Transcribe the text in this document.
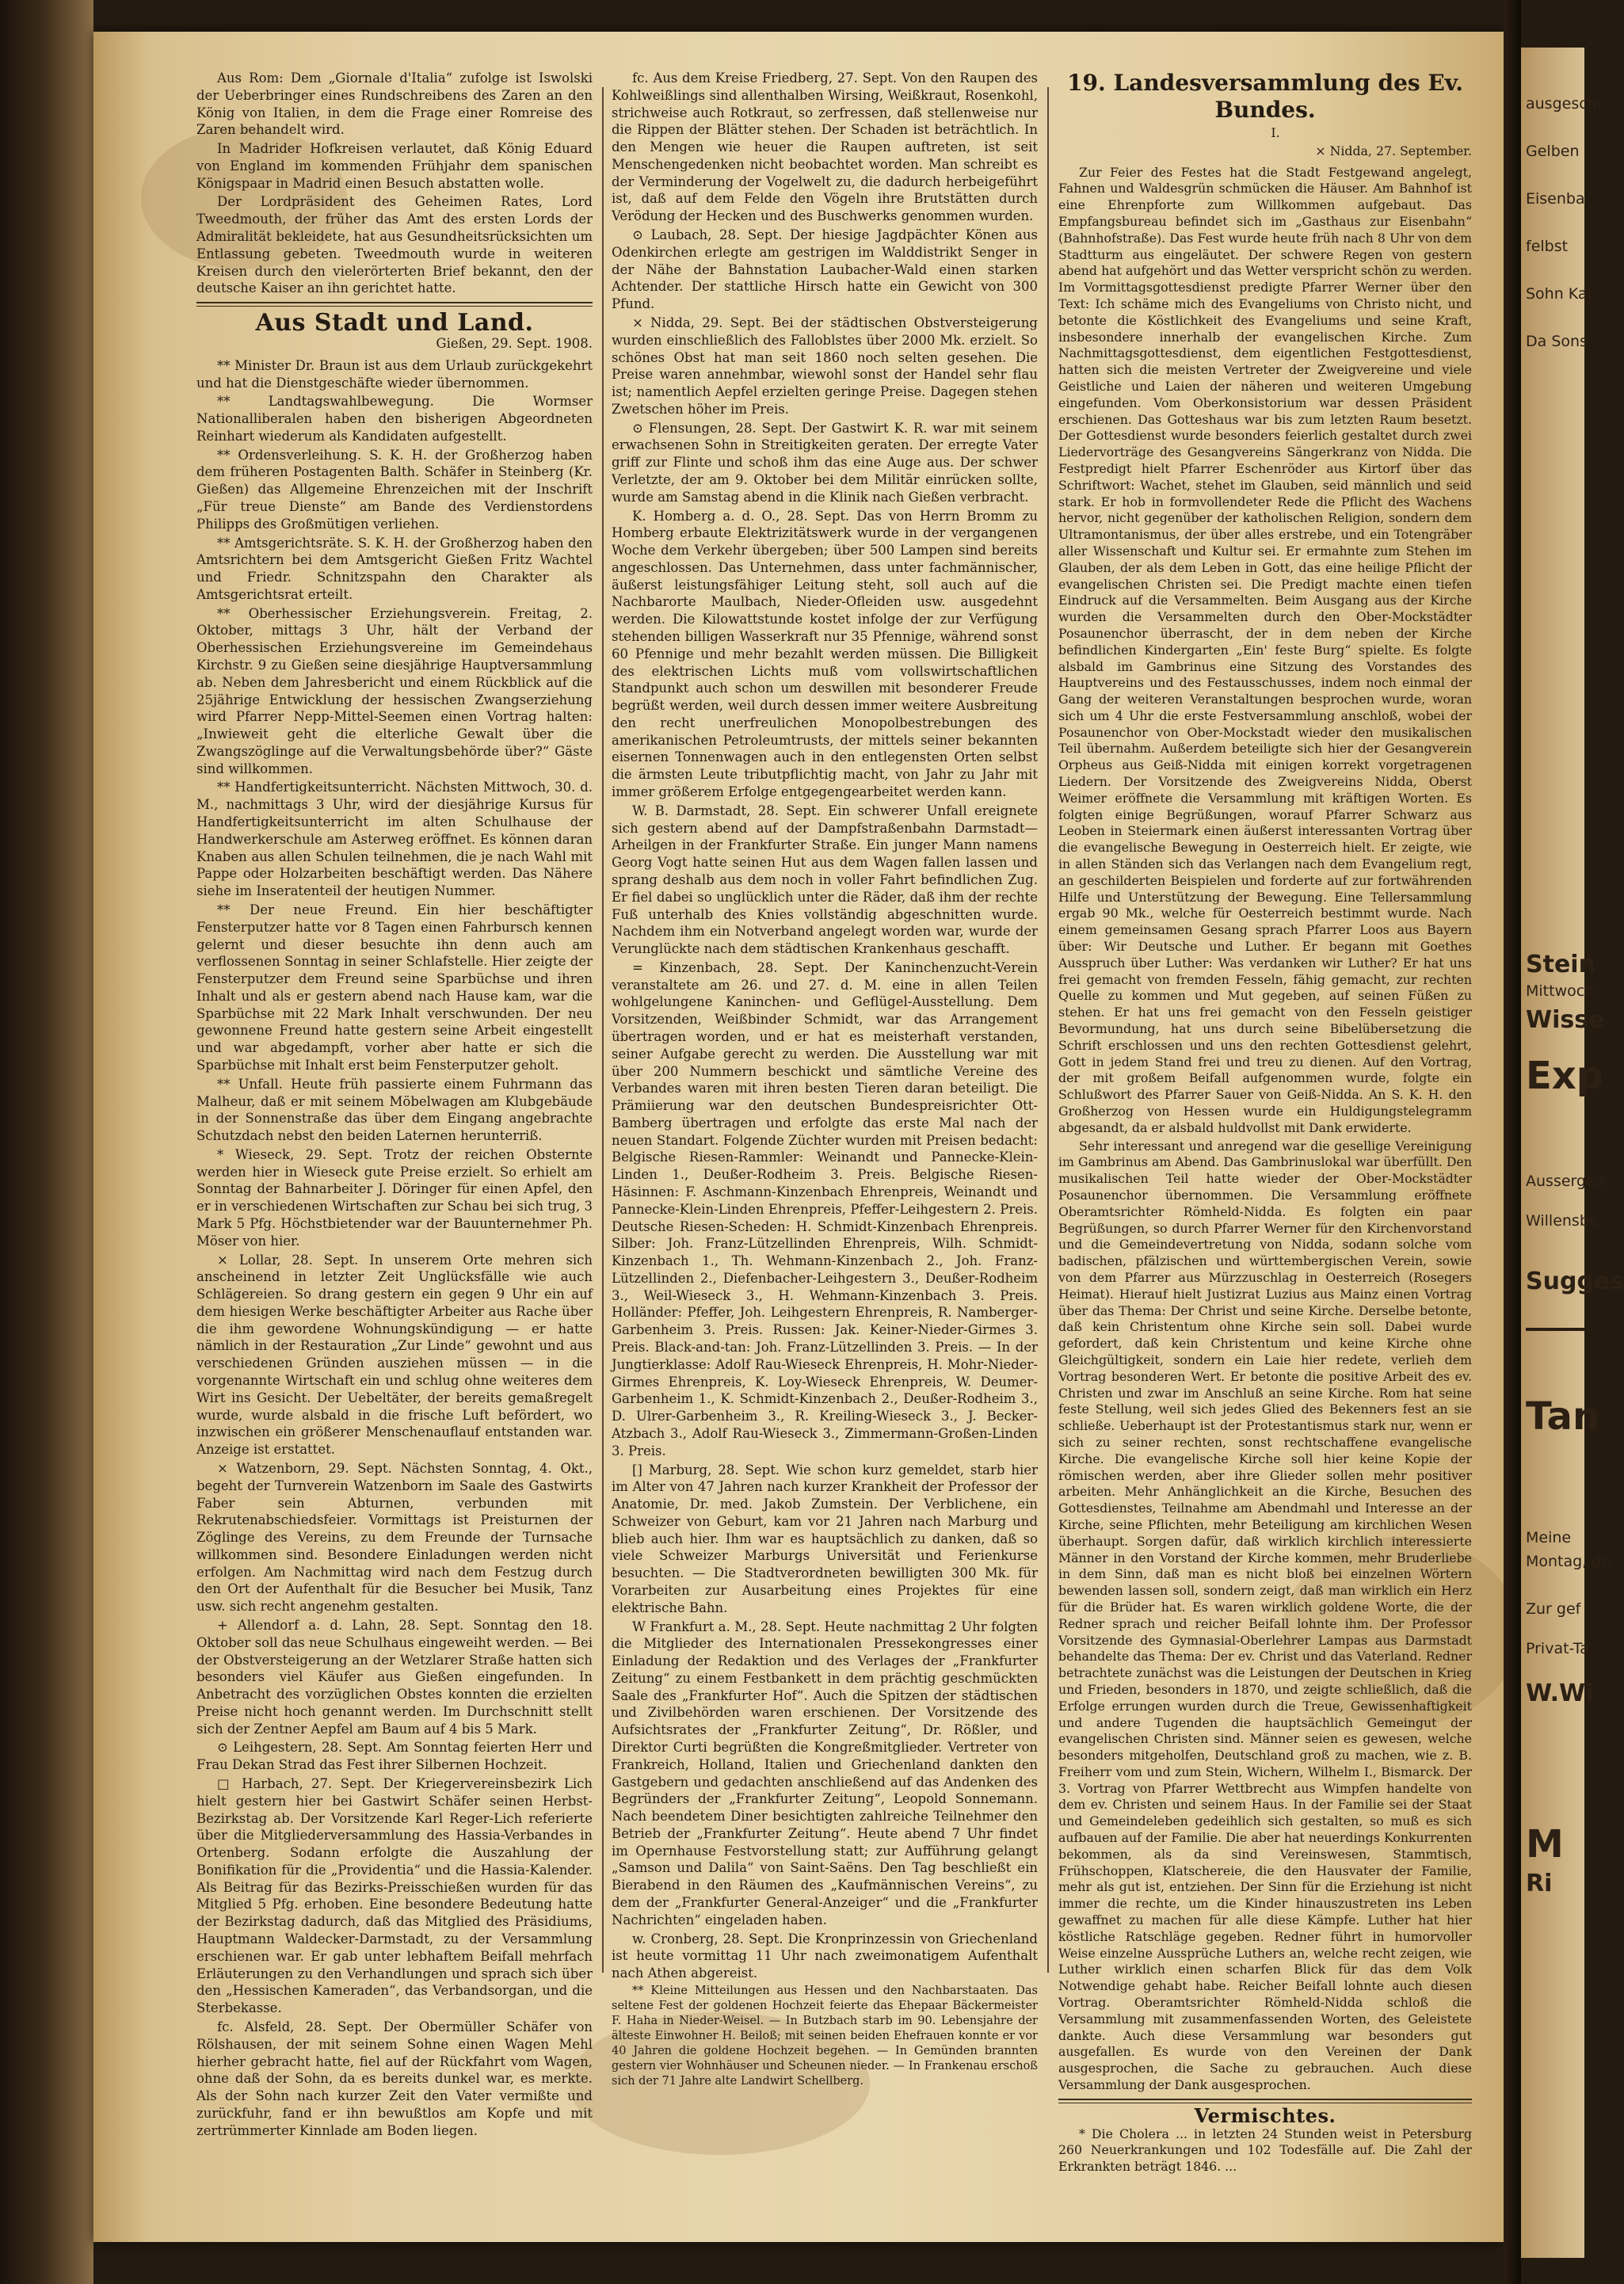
Aus Rom: Dem „Giornale d'Italia“ zufolge ist Iswolski der Ueberbringer eines Rundschreibens des Zaren an den König von Italien, in dem die Frage einer Romreise des Zaren behandelt wird.

In Madrider Hofkreisen verlautet, daß König Eduard von England im kommenden Frühjahr dem spanischen Königspaar in Madrid einen Besuch abstatten wolle.

Der Lordpräsident des Geheimen Rates, Lord Tweedmouth, der früher das Amt des ersten Lords der Admiralität bekleidete, hat aus Gesundheitsrücksichten um Entlassung gebeten. Tweedmouth wurde in weiteren Kreisen durch den vielerörterten Brief bekannt, den der deutsche Kaiser an ihn gerichtet hatte.

Aus Stadt und Land.

Gießen, 29. Sept. 1908.

** Minister Dr. Braun ist aus dem Urlaub zurückgekehrt und hat die Dienstgeschäfte wieder übernommen.

** Landtagswahlbewegung. Die Wormser Nationalliberalen haben den bisherigen Abgeordneten Reinhart wiederum als Kandidaten aufgestellt.

** Ordensverleihung. S. K. H. der Großherzog haben dem früheren Postagenten Balth. Schäfer in Steinberg (Kr. Gießen) das Allgemeine Ehrenzeichen mit der Inschrift „Für treue Dienste“ am Bande des Verdienstordens Philipps des Großmütigen verliehen.

** Amtsgerichtsräte. S. K. H. der Großherzog haben den Amtsrichtern bei dem Amtsgericht Gießen Fritz Wachtel und Friedr. Schnitzspahn den Charakter als Amtsgerichtsrat erteilt.

** Oberhessischer Erziehungsverein. Freitag, 2. Oktober, mittags 3 Uhr, hält der Verband der Oberhessischen Erziehungsvereine im Gemeindehaus Kirchstr. 9 zu Gießen seine diesjährige Hauptversammlung ab. Neben dem Jahresbericht und einem Rückblick auf die 25jährige Entwicklung der hessischen Zwangserziehung wird Pfarrer Nepp-Mittel-Seemen einen Vortrag halten: „Inwieweit geht die elterliche Gewalt über die Zwangszöglinge auf die Verwaltungsbehörde über?“ Gäste sind willkommen.

** Handfertigkeitsunterricht. Nächsten Mittwoch, 30. d. M., nachmittags 3 Uhr, wird der diesjährige Kursus für Handfertigkeitsunterricht im alten Schulhause der Handwerkerschule am Asterweg eröffnet. Es können daran Knaben aus allen Schulen teilnehmen, die je nach Wahl mit Pappe oder Holzarbeiten beschäftigt werden. Das Nähere siehe im Inseratenteil der heutigen Nummer.

** Der neue Freund. Ein hier beschäftigter Fensterputzer hatte vor 8 Tagen einen Fahrbursch kennen gelernt und dieser besuchte ihn denn auch am verflossenen Sonntag in seiner Schlafstelle. Hier zeigte der Fensterputzer dem Freund seine Sparbüchse und ihren Inhalt und als er gestern abend nach Hause kam, war die Sparbüchse mit 22 Mark Inhalt verschwunden. Der neu gewonnene Freund hatte gestern seine Arbeit eingestellt und war abgedampft, vorher aber hatte er sich die Sparbüchse mit Inhalt erst beim Fensterputzer geholt.

** Unfall. Heute früh passierte einem Fuhrmann das Malheur, daß er mit seinem Möbelwagen am Klubgebäude in der Sonnenstraße das über dem Eingang angebrachte Schutzdach nebst den beiden Laternen herunterriß.

* Wieseck, 29. Sept. Trotz der reichen Obsternte werden hier in Wieseck gute Preise erzielt. So erhielt am Sonntag der Bahnarbeiter J. Döringer für einen Apfel, den er in verschiedenen Wirtschaften zur Schau bei sich trug, 3 Mark 5 Pfg. Höchstbietender war der Bauunternehmer Ph. Möser von hier.

× Lollar, 28. Sept. In unserem Orte mehren sich anscheinend in letzter Zeit Unglücksfälle wie auch Schlägereien. So drang gestern ein gegen 9 Uhr ein auf dem hiesigen Werke beschäftigter Arbeiter aus Rache über die ihm gewordene Wohnungskündigung — er hatte nämlich in der Restauration „Zur Linde“ gewohnt und aus verschiedenen Gründen ausziehen müssen — in die vorgenannte Wirtschaft ein und schlug ohne weiteres dem Wirt ins Gesicht. Der Uebeltäter, der bereits gemaßregelt wurde, wurde alsbald in die frische Luft befördert, wo inzwischen ein größerer Menschenauflauf entstanden war. Anzeige ist erstattet.

× Watzenborn, 29. Sept. Nächsten Sonntag, 4. Okt., begeht der Turnverein Watzenborn im Saale des Gastwirts Faber sein Abturnen, verbunden mit Rekrutenabschiedsfeier. Vormittags ist Preisturnen der Zöglinge des Vereins, zu dem Freunde der Turnsache willkommen sind. Besondere Einladungen werden nicht erfolgen. Am Nachmittag wird nach dem Festzug durch den Ort der Aufenthalt für die Besucher bei Musik, Tanz usw. sich recht angenehm gestalten.

+ Allendorf a. d. Lahn, 28. Sept. Sonntag den 18. Oktober soll das neue Schulhaus eingeweiht werden. — Bei der Obstversteigerung an der Wetzlarer Straße hatten sich besonders viel Käufer aus Gießen eingefunden. In Anbetracht des vorzüglichen Obstes konnten die erzielten Preise nicht hoch genannt werden. Im Durchschnitt stellt sich der Zentner Aepfel am Baum auf 4 bis 5 Mark.

⊙ Leihgestern, 28. Sept. Am Sonntag feierten Herr und Frau Dekan Strad das Fest ihrer Silbernen Hochzeit.

□ Harbach, 27. Sept. Der Kriegervereinsbezirk Lich hielt gestern hier bei Gastwirt Schäfer seinen Herbst-Bezirkstag ab. Der Vorsitzende Karl Reger-Lich referierte über die Mitgliederversammlung des Hassia-Verbandes in Ortenberg. Sodann erfolgte die Auszahlung der Bonifikation für die „Providentia“ und die Hassia-Kalender. Als Beitrag für das Bezirks-Preisschießen wurden für das Mitglied 5 Pfg. erhoben. Eine besondere Bedeutung hatte der Bezirkstag dadurch, daß das Mitglied des Präsidiums, Hauptmann Waldecker-Darmstadt, zu der Versammlung erschienen war. Er gab unter lebhaftem Beifall mehrfach Erläuterungen zu den Verhandlungen und sprach sich über den „Hessischen Kameraden“, das Verbandsorgan, und die Sterbekasse.

fc. Alsfeld, 28. Sept. Der Obermüller Schäfer von Rölshausen, der mit seinem Sohne einen Wagen Mehl hierher gebracht hatte, fiel auf der Rückfahrt vom Wagen, ohne daß der Sohn, da es bereits dunkel war, es merkte. Als der Sohn nach kurzer Zeit den Vater vermißte und zurückfuhr, fand er ihn bewußtlos am Kopfe und mit zertrümmerter Kinnlade am Boden liegen.

fc. Aus dem Kreise Friedberg, 27. Sept. Von den Raupen des Kohlweißlings sind allenthalben Wirsing, Weißkraut, Rosenkohl, strichweise auch Rotkraut, so zerfressen, daß stellenweise nur die Rippen der Blätter stehen. Der Schaden ist beträchtlich. In den Mengen wie heuer die Raupen auftreten, ist seit Menschengedenken nicht beobachtet worden. Man schreibt es der Verminderung der Vogelwelt zu, die dadurch herbeigeführt ist, daß auf dem Felde den Vögeln ihre Brutstätten durch Verödung der Hecken und des Buschwerks genommen wurden.

⊙ Laubach, 28. Sept. Der hiesige Jagdpächter Könen aus Odenkirchen erlegte am gestrigen im Walddistrikt Senger in der Nähe der Bahnstation Laubacher-Wald einen starken Achtender. Der stattliche Hirsch hatte ein Gewicht von 300 Pfund.

× Nidda, 29. Sept. Bei der städtischen Obstversteigerung wurden einschließlich des Falloblstes über 2000 Mk. erzielt. So schönes Obst hat man seit 1860 noch selten gesehen. Die Preise waren annehmbar, wiewohl sonst der Handel sehr flau ist; namentlich Aepfel erzielten geringe Preise. Dagegen stehen Zwetschen höher im Preis.

⊙ Flensungen, 28. Sept. Der Gastwirt K. R. war mit seinem erwachsenen Sohn in Streitigkeiten geraten. Der erregte Vater griff zur Flinte und schoß ihm das eine Auge aus. Der schwer Verletzte, der am 9. Oktober bei dem Militär einrücken sollte, wurde am Samstag abend in die Klinik nach Gießen verbracht.

K. Homberg a. d. O., 28. Sept. Das von Herrn Bromm zu Homberg erbaute Elektrizitätswerk wurde in der vergangenen Woche dem Verkehr übergeben; über 500 Lampen sind bereits angeschlossen. Das Unternehmen, dass unter fachmännischer, äußerst leistungsfähiger Leitung steht, soll auch auf die Nachbarorte Maulbach, Nieder-Ofleiden usw. ausgedehnt werden. Die Kilowattstunde kostet infolge der zur Verfügung stehenden billigen Wasserkraft nur 35 Pfennige, während sonst 60 Pfennige und mehr bezahlt werden müssen. Die Billigkeit des elektrischen Lichts muß vom vollswirtschaftlichen Standpunkt auch schon um deswillen mit besonderer Freude begrüßt werden, weil durch dessen immer weitere Ausbreitung den recht unerfreulichen Monopolbestrebungen des amerikanischen Petroleumtrusts, der mittels seiner bekannten eisernen Tonnenwagen auch in den entlegensten Orten selbst die ärmsten Leute tributpflichtig macht, von Jahr zu Jahr mit immer größerem Erfolge entgegengearbeitet werden kann.

W. B. Darmstadt, 28. Sept. Ein schwerer Unfall ereignete sich gestern abend auf der Dampfstraßenbahn Darmstadt—Arheilgen in der Frankfurter Straße. Ein junger Mann namens Georg Vogt hatte seinen Hut aus dem Wagen fallen lassen und sprang deshalb aus dem noch in voller Fahrt befindlichen Zug. Er fiel dabei so unglücklich unter die Räder, daß ihm der rechte Fuß unterhalb des Knies vollständig abgeschnitten wurde. Nachdem ihm ein Notverband angelegt worden war, wurde der Verunglückte nach dem städtischen Krankenhaus geschafft.

= Kinzenbach, 28. Sept. Der Kaninchenzucht-Verein veranstaltete am 26. und 27. d. M. eine in allen Teilen wohlgelungene Kaninchen- und Geflügel-Ausstellung. Dem Vorsitzenden, Weißbinder Schmidt, war das Arrangement übertragen worden, und er hat es meisterhaft verstanden, seiner Aufgabe gerecht zu werden. Die Ausstellung war mit über 200 Nummern beschickt und sämtliche Vereine des Verbandes waren mit ihren besten Tieren daran beteiligt. Die Prämiierung war den deutschen Bundespreisrichter Ott-Bamberg übertragen und erfolgte das erste Mal nach der neuen Standart. Folgende Züchter wurden mit Preisen bedacht: Belgische Riesen-Rammler: Weinandt und Pannecke-Klein-Linden 1., Deußer-Rodheim 3. Preis. Belgische Riesen-Häsinnen: F. Aschmann-Kinzenbach Ehrenpreis, Weinandt und Pannecke-Klein-Linden Ehrenpreis, Pfeffer-Leihgestern 2. Preis. Deutsche Riesen-Scheden: H. Schmidt-Kinzenbach Ehrenpreis. Silber: Joh. Franz-Lützellinden Ehrenpreis, Wilh. Schmidt-Kinzenbach 1., Th. Wehmann-Kinzenbach 2., Joh. Franz-Lützellinden 2., Diefenbacher-Leihgestern 3., Deußer-Rodheim 3., Weil-Wieseck 3., H. Wehmann-Kinzenbach 3. Preis. Holländer: Pfeffer, Joh. Leihgestern Ehrenpreis, R. Namberger-Garbenheim 3. Preis. Russen: Jak. Keiner-Nieder-Girmes 3. Preis. Black-and-tan: Joh. Franz-Lützellinden 3. Preis. — In der Jungtierklasse: Adolf Rau-Wieseck Ehrenpreis, H. Mohr-Nieder-Girmes Ehrenpreis, K. Loy-Wieseck Ehrenpreis, W. Deumer-Garbenheim 1., K. Schmidt-Kinzenbach 2., Deußer-Rodheim 3., D. Ulrer-Garbenheim 3., R. Kreiling-Wieseck 3., J. Becker-Atzbach 3., Adolf Rau-Wieseck 3., Zimmermann-Großen-Linden 3. Preis.

[] Marburg, 28. Sept. Wie schon kurz gemeldet, starb hier im Alter von 47 Jahren nach kurzer Krankheit der Professor der Anatomie, Dr. med. Jakob Zumstein. Der Verblichene, ein Schweizer von Geburt, kam vor 21 Jahren nach Marburg und blieb auch hier. Ihm war es hauptsächlich zu danken, daß so viele Schweizer Marburgs Universität und Ferienkurse besuchten. — Die Stadtverordneten bewilligten 300 Mk. für Vorarbeiten zur Ausarbeitung eines Projektes für eine elektrische Bahn.

W Frankfurt a. M., 28. Sept. Heute nachmittag 2 Uhr folgten die Mitglieder des Internationalen Pressekongresses einer Einladung der Redaktion und des Verlages der „Frankfurter Zeitung“ zu einem Festbankett in dem prächtig geschmückten Saale des „Frankfurter Hof“. Auch die Spitzen der städtischen und Zivilbehörden waren erschienen. Der Vorsitzende des Aufsichtsrates der „Frankfurter Zeitung“, Dr. Rößler, und Direktor Curti begrüßten die Kongreßmitglieder. Vertreter von Frankreich, Holland, Italien und Griechenland dankten den Gastgebern und gedachten anschließend auf das Andenken des Begründers der „Frankfurter Zeitung“, Leopold Sonnemann. Nach beendetem Diner besichtigten zahlreiche Teilnehmer den Betrieb der „Frankfurter Zeitung“. Heute abend 7 Uhr findet im Opernhause Festvorstellung statt; zur Aufführung gelangt „Samson und Dalila“ von Saint-Saëns. Den Tag beschließt ein Bierabend in den Räumen des „Kaufmännischen Vereins“, zu dem der „Frankfurter General-Anzeiger“ und die „Frankfurter Nachrichten“ eingeladen haben.

w. Cronberg, 28. Sept. Die Kronprinzessin von Griechenland ist heute vormittag 11 Uhr nach zweimonatigem Aufenthalt nach Athen abgereist.

** Kleine Mitteilungen aus Hessen und den Nachbarstaaten. Das seltene Fest der goldenen Hochzeit feierte das Ehepaar Bäckermeister F. Haha in Nieder-Weisel. — In Butzbach starb im 90. Lebensjahre der älteste Einwohner H. Beiloß; mit seinen beiden Ehefrauen konnte er vor 40 Jahren die goldene Hochzeit begehen. — In Gemünden brannten gestern vier Wohnhäuser und Scheunen nieder. — In Frankenau erschoß sich der 71 Jahre alte Landwirt Schellberg.

19. Landesversammlung des Ev. Bundes.

I.

× Nidda, 27. September.

Zur Feier des Festes hat die Stadt Festgewand angelegt, Fahnen und Waldesgrün schmücken die Häuser. Am Bahnhof ist eine Ehrenpforte zum Willkommen aufgebaut. Das Empfangsbureau befindet sich im „Gasthaus zur Eisenbahn“ (Bahnhofstraße). Das Fest wurde heute früh nach 8 Uhr von dem Stadtturm aus eingeläutet. Der schwere Regen von gestern abend hat aufgehört und das Wetter verspricht schön zu werden. Im Vormittagsgottesdienst predigte Pfarrer Werner über den Text: Ich schäme mich des Evangeliums von Christo nicht, und betonte die Köstlichkeit des Evangeliums und seine Kraft, insbesondere innerhalb der evangelischen Kirche. Zum Nachmittagsgottesdienst, dem eigentlichen Festgottesdienst, hatten sich die meisten Vertreter der Zweigvereine und viele Geistliche und Laien der näheren und weiteren Umgebung eingefunden. Vom Oberkonsistorium war dessen Präsident erschienen. Das Gotteshaus war bis zum letzten Raum besetzt. Der Gottesdienst wurde besonders feierlich gestaltet durch zwei Liedervorträge des Gesangvereins Sängerkranz von Nidda. Die Festpredigt hielt Pfarrer Eschenröder aus Kirtorf über das Schriftwort: Wachet, stehet im Glauben, seid männlich und seid stark. Er hob in formvollendeter Rede die Pflicht des Wachens hervor, nicht gegenüber der katholischen Religion, sondern dem Ultramontanismus, der über alles erstrebe, und ein Totengräber aller Wissenschaft und Kultur sei. Er ermahnte zum Stehen im Glauben, der als dem Leben in Gott, das eine heilige Pflicht der evangelischen Christen sei. Die Predigt machte einen tiefen Eindruck auf die Versammelten. Beim Ausgang aus der Kirche wurden die Versammelten durch den Ober-Mockstädter Posaunenchor überrascht, der in dem neben der Kirche befindlichen Kindergarten „Ein' feste Burg“ spielte. Es folgte alsbald im Gambrinus eine Sitzung des Vorstandes des Hauptvereins und des Festausschusses, indem noch einmal der Gang der weiteren Veranstaltungen besprochen wurde, woran sich um 4 Uhr die erste Festversammlung anschloß, wobei der Posaunenchor von Ober-Mockstadt wieder den musikalischen Teil übernahm. Außerdem beteiligte sich hier der Gesangverein Orpheus aus Geiß-Nidda mit einigen korrekt vorgetragenen Liedern. Der Vorsitzende des Zweigvereins Nidda, Oberst Weimer eröffnete die Versammlung mit kräftigen Worten. Es folgten einige Begrüßungen, worauf Pfarrer Schwarz aus Leoben in Steiermark einen äußerst interessanten Vortrag über die evangelische Bewegung in Oesterreich hielt. Er zeigte, wie in allen Ständen sich das Verlangen nach dem Evangelium regt, an geschilderten Beispielen und forderte auf zur fortwährenden Hilfe und Unterstützung der Bewegung. Eine Tellersammlung ergab 90 Mk., welche für Oesterreich bestimmt wurde. Nach einem gemeinsamen Gesang sprach Pfarrer Loos aus Bayern über: Wir Deutsche und Luther. Er begann mit Goethes Ausspruch über Luther: Was verdanken wir Luther? Er hat uns frei gemacht von fremden Fesseln, fähig gemacht, zur rechten Quelle zu kommen und Mut gegeben, auf seinen Füßen zu stehen. Er hat uns frei gemacht von den Fesseln geistiger Bevormundung, hat uns durch seine Bibelübersetzung die Schrift erschlossen und uns den rechten Gottesdienst gelehrt, Gott in jedem Stand frei und treu zu dienen. Auf den Vortrag, der mit großem Beifall aufgenommen wurde, folgte ein Schlußwort des Pfarrer Sauer von Geiß-Nidda. An S. K. H. den Großherzog von Hessen wurde ein Huldigungstelegramm abgesandt, da er alsbald huldvollst mit Dank erwiderte.

Sehr interessant und anregend war die gesellige Vereinigung im Gambrinus am Abend. Das Gambrinuslokal war überfüllt. Den musikalischen Teil hatte wieder der Ober-Mockstädter Posaunenchor übernommen. Die Versammlung eröffnete Oberamtsrichter Römheld-Nidda. Es folgten ein paar Begrüßungen, so durch Pfarrer Werner für den Kirchenvorstand und die Gemeindevertretung von Nidda, sodann solche vom badischen, pfälzischen und württembergischen Verein, sowie von dem Pfarrer aus Mürzzuschlag in Oesterreich (Rosegers Heimat). Hierauf hielt Justizrat Luzius aus Mainz einen Vortrag über das Thema: Der Christ und seine Kirche. Derselbe betonte, daß kein Christentum ohne Kirche sein soll. Dabei wurde gefordert, daß kein Christentum und keine Kirche ohne Gleichgültigkeit, sondern ein Laie hier redete, verlieh dem Vortrag besonderen Wert. Er betonte die positive Arbeit des ev. Christen und zwar im Anschluß an seine Kirche. Rom hat seine feste Stellung, weil sich jedes Glied des Bekenners fest an sie schließe. Ueberhaupt ist der Protestantismus stark nur, wenn er sich zu seiner rechten, sonst rechtschaffene evangelische Kirche. Die evangelische Kirche soll hier keine Kopie der römischen werden, aber ihre Glieder sollen mehr positiver arbeiten. Mehr Anhänglichkeit an die Kirche, Besuchen des Gottesdienstes, Teilnahme am Abendmahl und Interesse an der Kirche, seine Pflichten, mehr Beteiligung am kirchlichen Wesen überhaupt. Sorgen dafür, daß wirklich kirchlich interessierte Männer in den Vorstand der Kirche kommen, mehr Bruderliebe in dem Sinn, daß man es nicht bloß bei einzelnen Wörtern bewenden lassen soll, sondern zeigt, daß man wirklich ein Herz für die Brüder hat. Es waren wirklich goldene Worte, die der Redner sprach und reicher Beifall lohnte ihm. Der Professor Vorsitzende des Gymnasial-Oberlehrer Lampas aus Darmstadt behandelte das Thema: Der ev. Christ und das Vaterland. Redner betrachtete zunächst was die Leistungen der Deutschen in Krieg und Frieden, besonders in 1870, und zeigte schließlich, daß die Erfolge errungen wurden durch die Treue, Gewissenhaftigkeit und andere Tugenden die hauptsächlich Gemeingut der evangelischen Christen sind. Männer seien es gewesen, welche besonders mitgeholfen, Deutschland groß zu machen, wie z. B. Freiherr vom und zum Stein, Wichern, Wilhelm I., Bismarck. Der 3. Vortrag von Pfarrer Wettbrecht aus Wimpfen handelte von dem ev. Christen und seinem Haus. In der Familie sei der Staat und Gemeindeleben gedeihlich sich gestalten, so muß es sich aufbauen auf der Familie. Die aber hat neuerdings Konkurrenten bekommen, als da sind Vereinswesen, Stammtisch, Frühschoppen, Klatschereie, die den Hausvater der Familie, mehr als gut ist, entziehen. Der Sinn für die Erziehung ist nicht immer die rechte, um die Kinder hinauszustreten ins Leben gewaffnet zu machen für alle diese Kämpfe. Luther hat hier köstliche Ratschläge gegeben. Redner führt in humorvoller Weise einzelne Aussprüche Luthers an, welche recht zeigen, wie Luther wirklich einen scharfen Blick für das dem Volk Notwendige gehabt habe. Reicher Beifall lohnte auch diesen Vortrag. Oberamtsrichter Römheld-Nidda schloß die Versammlung mit zusammenfassenden Worten, des Geleistete dankte. Auch diese Versammlung war besonders gut ausgefallen. Es wurde von den Vereinen der Dank ausgesprochen, die Sache zu gebrauchen. Auch diese Versammlung der Dank ausgesprochen.

Vermischtes.

* Die Cholera ... in letzten 24 Stunden weist in Petersburg 260 Neuerkrankungen und 102 Todesfälle auf. Die Zahl der Erkrankten beträgt 1846. ...

ausgeschi
Gelben
Eisenba
felbst
Sohn Kai
Da Sons
Stein
Mittwoch
Wisse
Exp
Aussergew
Willensbe
Sugges
Tan
Meine
Montag, de
Zur gef
Privat-Ta
W.Wi
M
Ri
